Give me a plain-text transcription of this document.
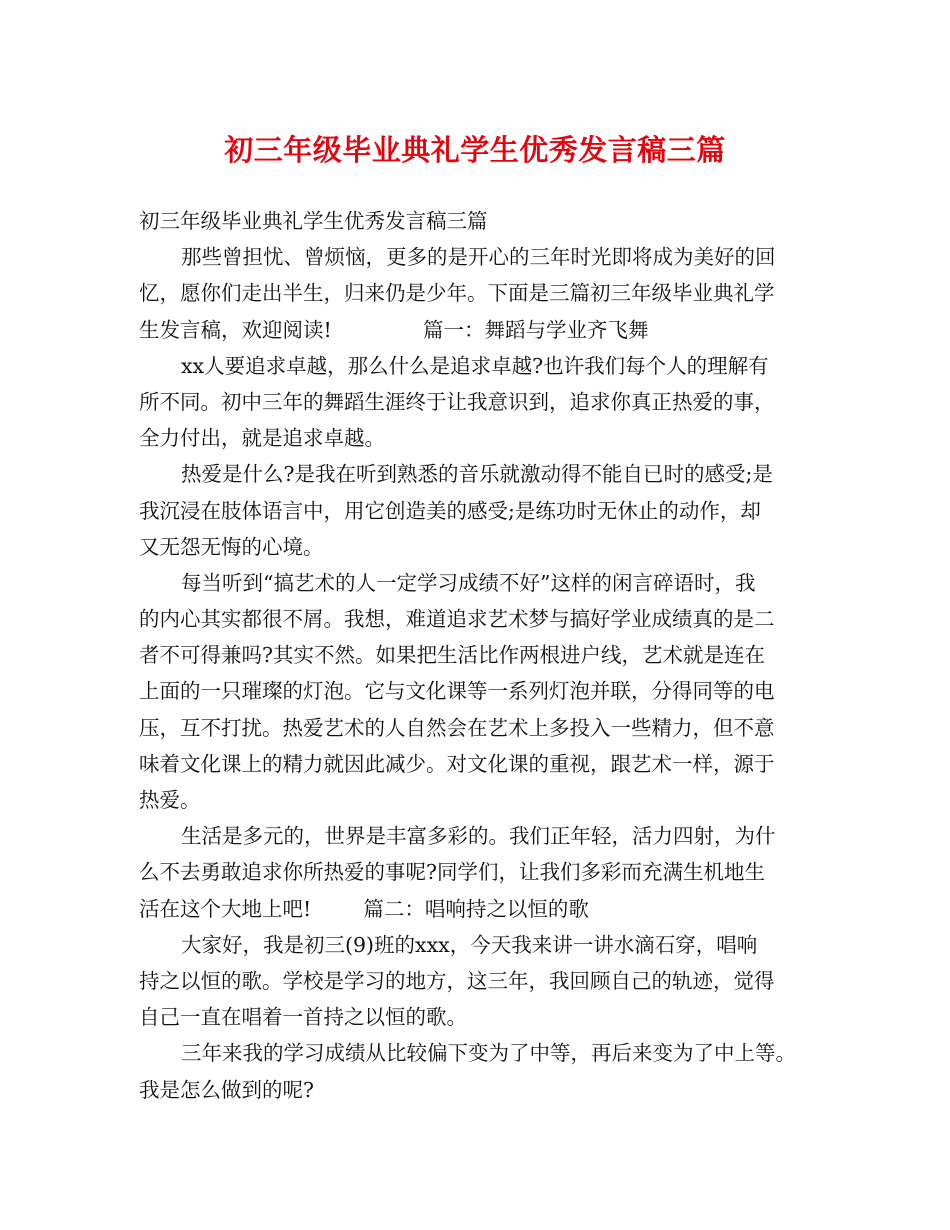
初三年级毕业典礼学生优秀发言稿三篇
初三年级毕业典礼学生优秀发言稿三篇
那些曾担忧、曾烦恼，更多的是开心的三年时光即将成为美好的回
忆，愿你们走出半生，归来仍是少年。下面是三篇初三年级毕业典礼学
生发言稿，欢迎阅读!              篇一：舞蹈与学业齐飞舞
xx人要追求卓越，那么什么是追求卓越?也许我们每个人的理解有
所不同。初中三年的舞蹈生涯终于让我意识到，追求你真正热爱的事，
全力付出，就是追求卓越。
热爱是什么?是我在听到熟悉的音乐就激动得不能自已时的感受;是
我沉浸在肢体语言中，用它创造美的感受;是练功时无休止的动作，却
又无怨无悔的心境。
每当听到“搞艺术的人一定学习成绩不好”这样的闲言碎语时，我
的内心其实都很不屑。我想，难道追求艺术梦与搞好学业成绩真的是二
者不可得兼吗?其实不然。如果把生活比作两根进户线，艺术就是连在
上面的一只璀璨的灯泡。它与文化课等一系列灯泡并联，分得同等的电
压，互不打扰。热爱艺术的人自然会在艺术上多投入一些精力，但不意
味着文化课上的精力就因此减少。对文化课的重视，跟艺术一样，源于
热爱。
生活是多元的，世界是丰富多彩的。我们正年轻，活力四射，为什
么不去勇敢追求你所热爱的事呢?同学们，让我们多彩而充满生机地生
活在这个大地上吧!        篇二：唱响持之以恒的歌
大家好，我是初三(9)班的xxx，今天我来讲一讲水滴石穿，唱响
持之以恒的歌。学校是学习的地方，这三年，我回顾自己的轨迹，觉得
自己一直在唱着一首持之以恒的歌。
三年来我的学习成绩从比较偏下变为了中等，再后来变为了中上等。
我是怎么做到的呢?
